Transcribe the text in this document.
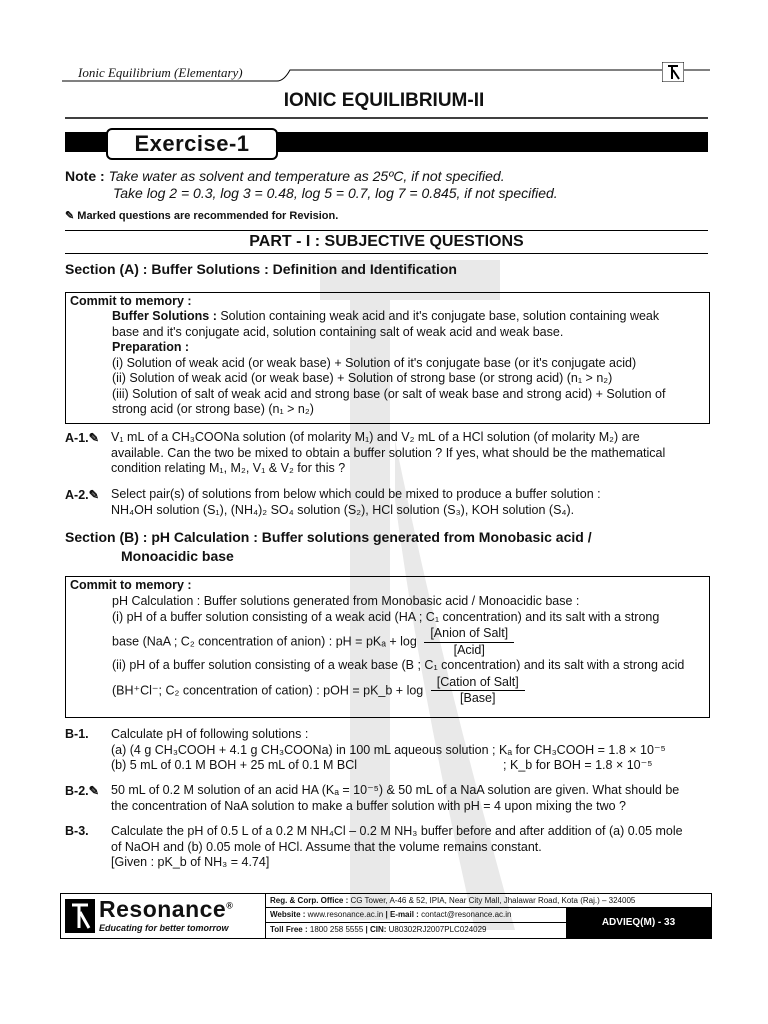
Ionic Equilibrium (Elementary)
IONIC EQUILIBRIUM-II
Exercise-1
Note : Take water as solvent and temperature as 25ºC, if not specified.
Take log 2 = 0.3, log 3 = 0.48, log 5 = 0.7, log 7 = 0.845, if not specified.
✎ Marked questions are recommended for Revision.
PART - I : SUBJECTIVE QUESTIONS
Section (A) : Buffer Solutions : Definition and Identification
Commit to memory :
Buffer Solutions : Solution containing weak acid and it's conjugate base, solution containing weak
base and it's conjugate acid, solution containing salt of weak acid and weak base.
Preparation :
(i) Solution of weak acid (or weak base) + Solution of it's conjugate base (or it's conjugate acid)
(ii) Solution of weak acid (or weak base) + Solution of strong base (or strong acid) (n₁ > n₂)
(iii) Solution of salt of weak acid and strong base (or salt of weak base and strong acid) + Solution of
strong acid (or strong base) (n₁ > n₂)
A-1.✎ V₁ mL of a CH₃COONa solution (of molarity M₁) and V₂ mL of a HCl solution (of molarity M₂) are
available. Can the two be mixed to obtain a buffer solution ? If yes, what should be the mathematical
condition relating M₁, M₂, V₁ & V₂ for this ?
A-2.✎ Select pair(s) of solutions from below which could be mixed to produce a buffer solution :
NH₄OH solution (S₁), (NH₄)₂ SO₄ solution (S₂), HCl solution (S₃), KOH solution (S₄).
Section (B) : pH Calculation : Buffer solutions generated from Monobasic acid /
Monoacidic base
Commit to memory :
pH Calculation : Buffer solutions generated from Monobasic acid / Monoacidic base :
(i) pH of a buffer solution consisting of a weak acid (HA ; C₁ concentration) and its salt with a strong
base (NaA ; C₂ concentration of anion) : pH = $pK_a + \log \frac{\text{[Anion of Salt]}}{\text{[Acid]}}$
(ii) pH of a buffer solution consisting of a weak base (B ; C₁ concentration) and its salt with a strong acid
(BH⁺Cl⁻; C₂ concentration of cation) : pOH = pK_b + $\log \frac{\text{[Cation of Salt]}}{\text{[Base]}}$
B-1. Calculate pH of following solutions :
(a) (4 g CH₃COOH + 4.1 g CH₃COONa) in 100 mL aqueous solution ; Kₐ for CH₃COOH = 1.8 × 10⁻⁵
(b) 5 mL of 0.1 M BOH + 25 mL of 0.1 M BCl	; K_b for BOH = 1.8 × 10⁻⁵
B-2.✎ 50 mL of 0.2 M solution of an acid HA (Kₐ = 10⁻⁵) & 50 mL of a NaA solution are given. What should be
the concentration of NaA solution to make a buffer solution with pH = 4 upon mixing the two ?
B-3. Calculate the pH of 0.5 L of a 0.2 M NH₄Cl – 0.2 M NH₃ buffer before and after addition of (a) 0.05 mole
of NaOH and (b) 0.05 mole of HCl. Assume that the volume remains constant.
[Given : pK_b of NH₃ = 4.74]
Resonance®
Educating for better tomorrow
Reg. & Corp. Office : CG Tower, A-46 & 52, IPIA, Near City Mall, Jhalawar Road, Kota (Raj.) – 324005
Website : www.resonance.ac.in | E-mail : contact@resonance.ac.in
Toll Free : 1800 258 5555 | CIN: U80302RJ2007PLC024029
ADVIEQ(M) - 33
